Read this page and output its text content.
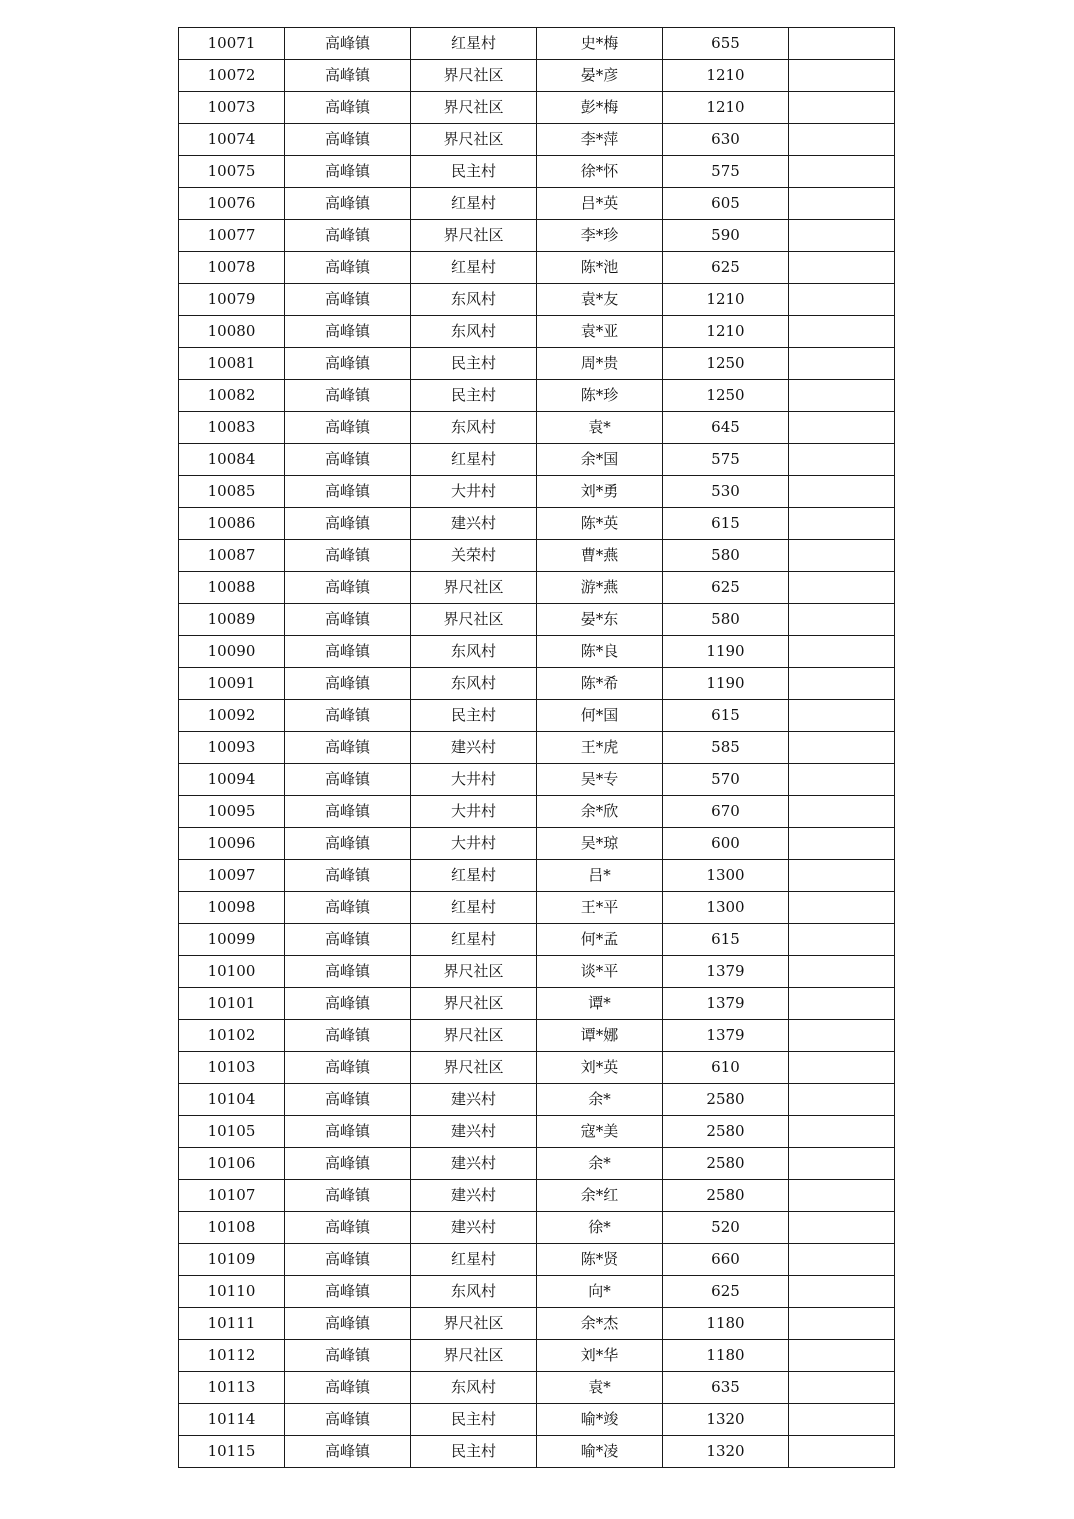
10071	高峰镇	红星村	史*梅	655	
10072	高峰镇	界尺社区	晏*彦	1210	
10073	高峰镇	界尺社区	彭*梅	1210	
10074	高峰镇	界尺社区	李*萍	630	
10075	高峰镇	民主村	徐*怀	575	
10076	高峰镇	红星村	吕*英	605	
10077	高峰镇	界尺社区	李*珍	590	
10078	高峰镇	红星村	陈*池	625	
10079	高峰镇	东风村	袁*友	1210	
10080	高峰镇	东风村	袁*亚	1210	
10081	高峰镇	民主村	周*贵	1250	
10082	高峰镇	民主村	陈*珍	1250	
10083	高峰镇	东风村	袁*	645	
10084	高峰镇	红星村	余*国	575	
10085	高峰镇	大井村	刘*勇	530	
10086	高峰镇	建兴村	陈*英	615	
10087	高峰镇	关荣村	曹*燕	580	
10088	高峰镇	界尺社区	游*燕	625	
10089	高峰镇	界尺社区	晏*东	580	
10090	高峰镇	东风村	陈*良	1190	
10091	高峰镇	东风村	陈*希	1190	
10092	高峰镇	民主村	何*国	615	
10093	高峰镇	建兴村	王*虎	585	
10094	高峰镇	大井村	吴*专	570	
10095	高峰镇	大井村	余*欣	670	
10096	高峰镇	大井村	吴*琼	600	
10097	高峰镇	红星村	吕*	1300	
10098	高峰镇	红星村	王*平	1300	
10099	高峰镇	红星村	何*孟	615	
10100	高峰镇	界尺社区	谈*平	1379	
10101	高峰镇	界尺社区	谭*	1379	
10102	高峰镇	界尺社区	谭*娜	1379	
10103	高峰镇	界尺社区	刘*英	610	
10104	高峰镇	建兴村	余*	2580	
10105	高峰镇	建兴村	寇*美	2580	
10106	高峰镇	建兴村	余*	2580	
10107	高峰镇	建兴村	余*红	2580	
10108	高峰镇	建兴村	徐*	520	
10109	高峰镇	红星村	陈*贤	660	
10110	高峰镇	东风村	向*	625	
10111	高峰镇	界尺社区	余*杰	1180	
10112	高峰镇	界尺社区	刘*华	1180	
10113	高峰镇	东风村	袁*	635	
10114	高峰镇	民主村	喻*竣	1320	
10115	高峰镇	民主村	喻*凌	1320	
